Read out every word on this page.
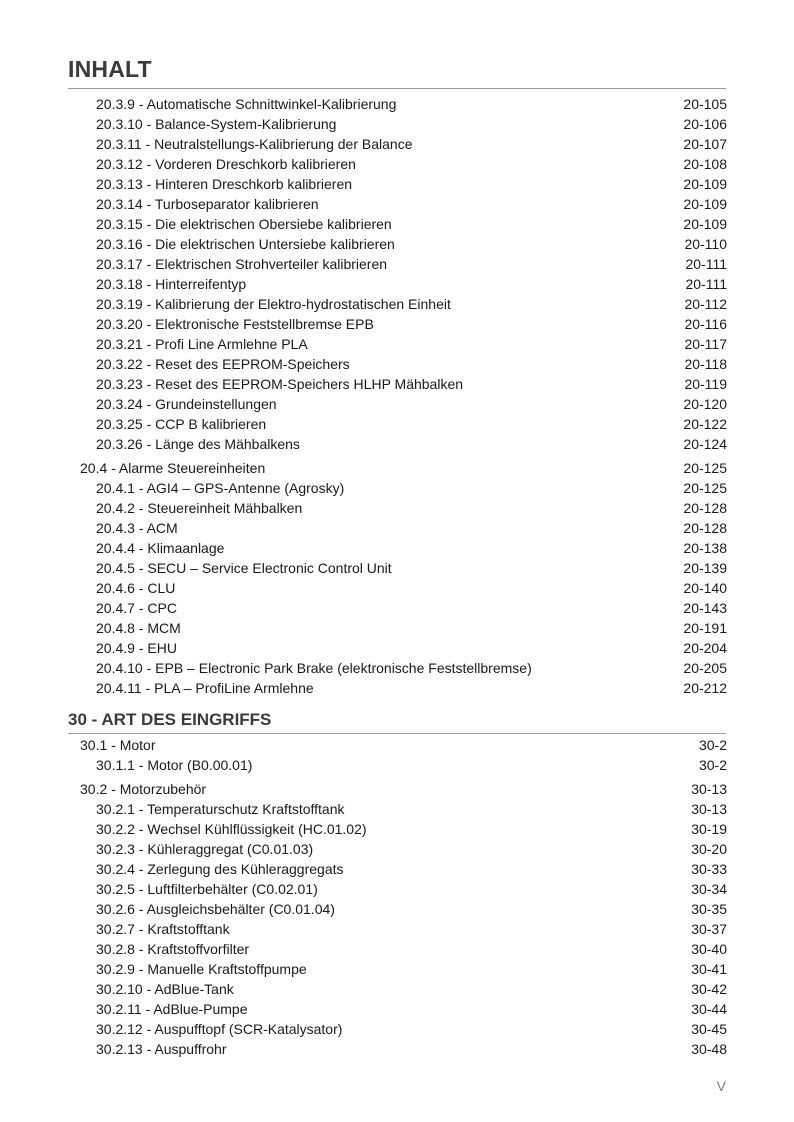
INHALT
20.3.9 - Automatische Schnittwinkel-Kalibrierung	20-105
20.3.10 - Balance-System-Kalibrierung	20-106
20.3.11 - Neutralstellungs-Kalibrierung der Balance	20-107
20.3.12 - Vorderen Dreschkorb kalibrieren	20-108
20.3.13 - Hinteren Dreschkorb kalibrieren	20-109
20.3.14 - Turboseparator kalibrieren	20-109
20.3.15 - Die elektrischen Obersiebe kalibrieren	20-109
20.3.16 - Die elektrischen Untersiebe kalibrieren	20-110
20.3.17 - Elektrischen Strohverteiler kalibrieren	20-111
20.3.18 - Hinterreifentyp	20-111
20.3.19 - Kalibrierung der Elektro-hydrostatischen Einheit	20-112
20.3.20 - Elektronische Feststellbremse EPB	20-116
20.3.21 - Profi Line Armlehne PLA	20-117
20.3.22 - Reset des EEPROM-Speichers	20-118
20.3.23 - Reset des EEPROM-Speichers HLHP Mähbalken	20-119
20.3.24 - Grundeinstellungen	20-120
20.3.25 - CCP B kalibrieren	20-122
20.3.26 - Länge des Mähbalkens	20-124
20.4 - Alarme Steuereinheiten	20-125
20.4.1 - AGI4 – GPS-Antenne (Agrosky)	20-125
20.4.2 - Steuereinheit Mähbalken	20-128
20.4.3 - ACM	20-128
20.4.4 - Klimaanlage	20-138
20.4.5 - SECU – Service Electronic Control Unit	20-139
20.4.6 - CLU	20-140
20.4.7 - CPC	20-143
20.4.8 - MCM	20-191
20.4.9 - EHU	20-204
20.4.10 - EPB – Electronic Park Brake (elektronische Feststellbremse)	20-205
20.4.11 - PLA – ProfiLine Armlehne	20-212
30 - ART DES EINGRIFFS
30.1 - Motor	30-2
30.1.1 - Motor (B0.00.01)	30-2
30.2 - Motorzubehör	30-13
30.2.1 - Temperaturschutz Kraftstofftank	30-13
30.2.2 - Wechsel Kühlflüssigkeit (HC.01.02)	30-19
30.2.3 - Kühleraggregat (C0.01.03)	30-20
30.2.4 - Zerlegung des Kühleraggregats	30-33
30.2.5 - Luftfilterbehälter (C0.02.01)	30-34
30.2.6 - Ausgleichsbehälter (C0.01.04)	30-35
30.2.7 - Kraftstofftank	30-37
30.2.8 - Kraftstoffvorfilter	30-40
30.2.9 - Manuelle Kraftstoffpumpe	30-41
30.2.10 - AdBlue-Tank	30-42
30.2.11 - AdBlue-Pumpe	30-44
30.2.12 - Auspufftopf (SCR-Katalysator)	30-45
30.2.13 - Auspuffrohr	30-48
V
